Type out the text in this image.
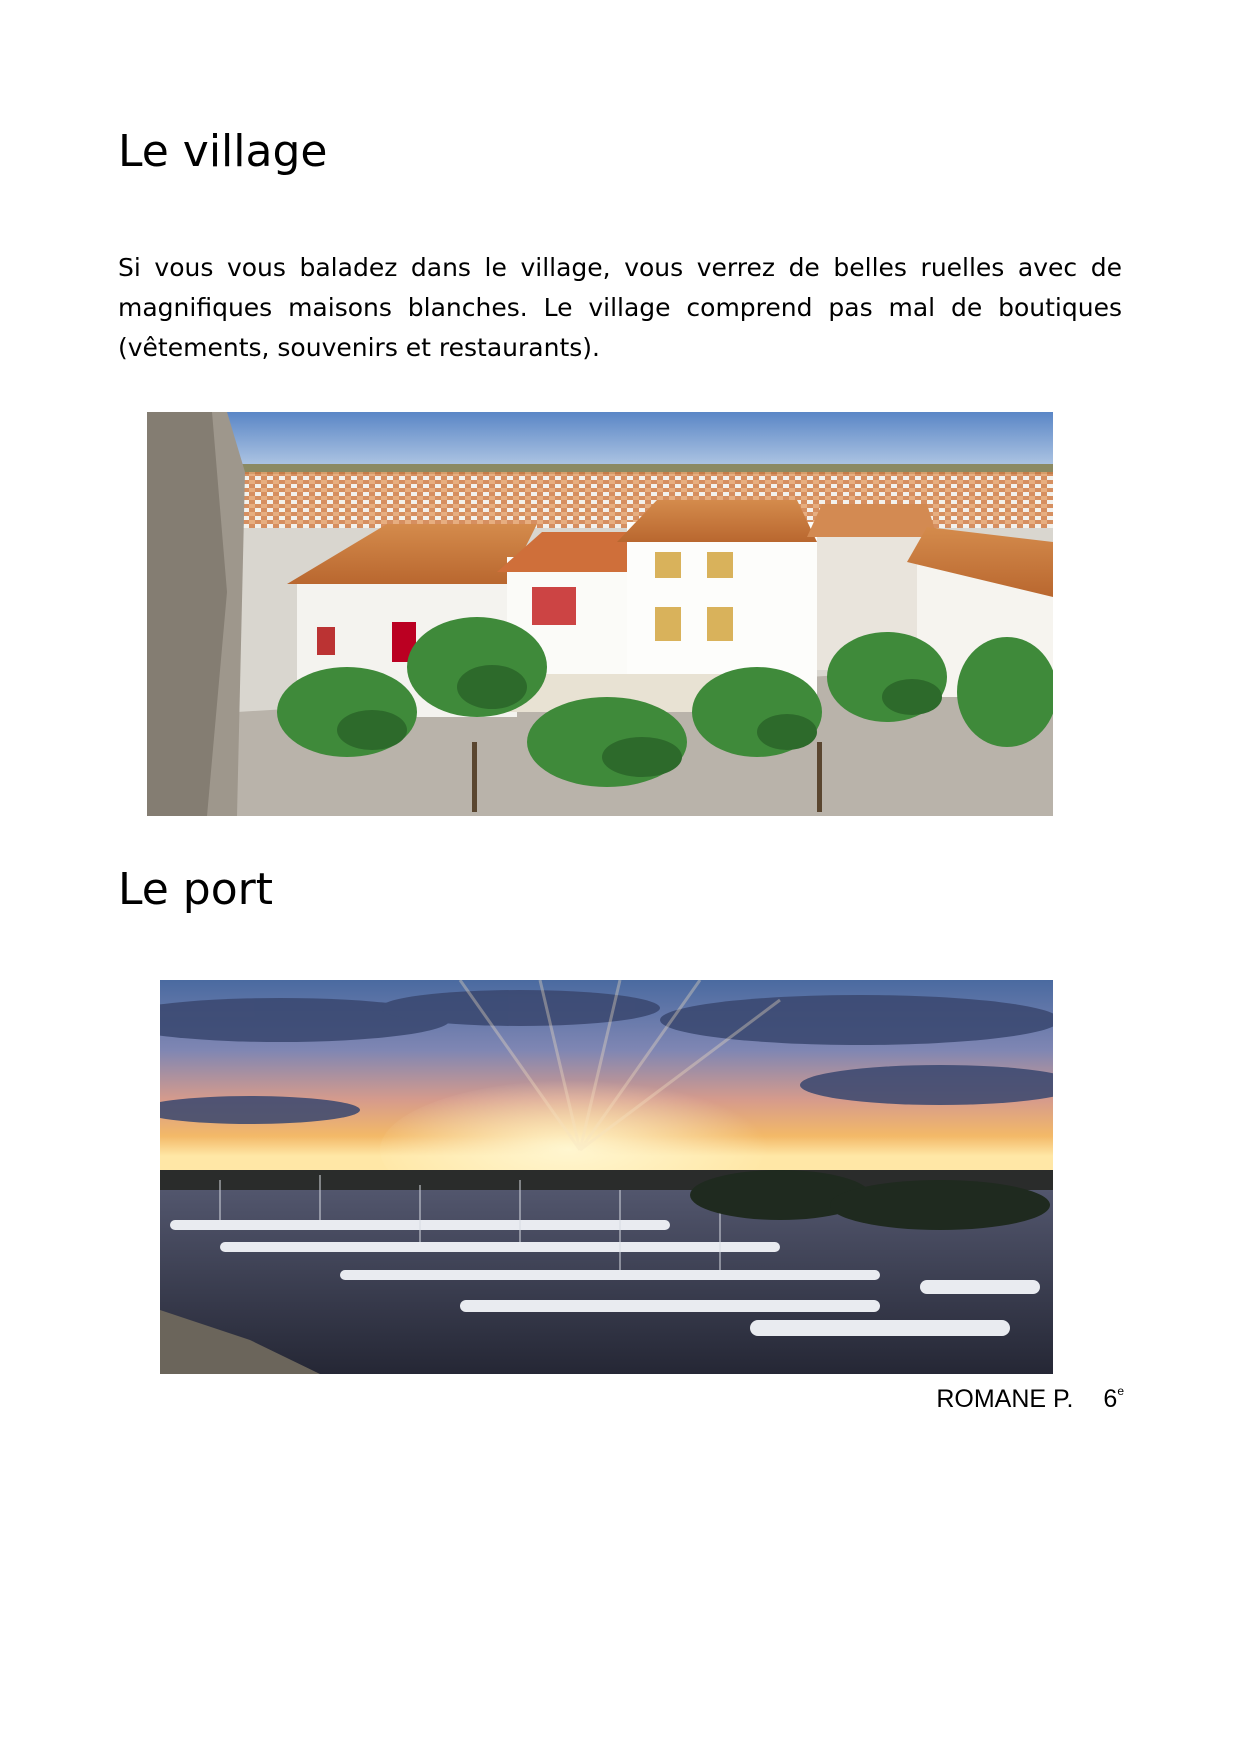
Le village

Si vous vous baladez dans le village, vous verrez de belles ruelles avec de magnifiques maisons blanches. Le village comprend pas mal de boutiques (vêtements, souvenirs et restaurants).

Le port
ROMANE P. 6e
